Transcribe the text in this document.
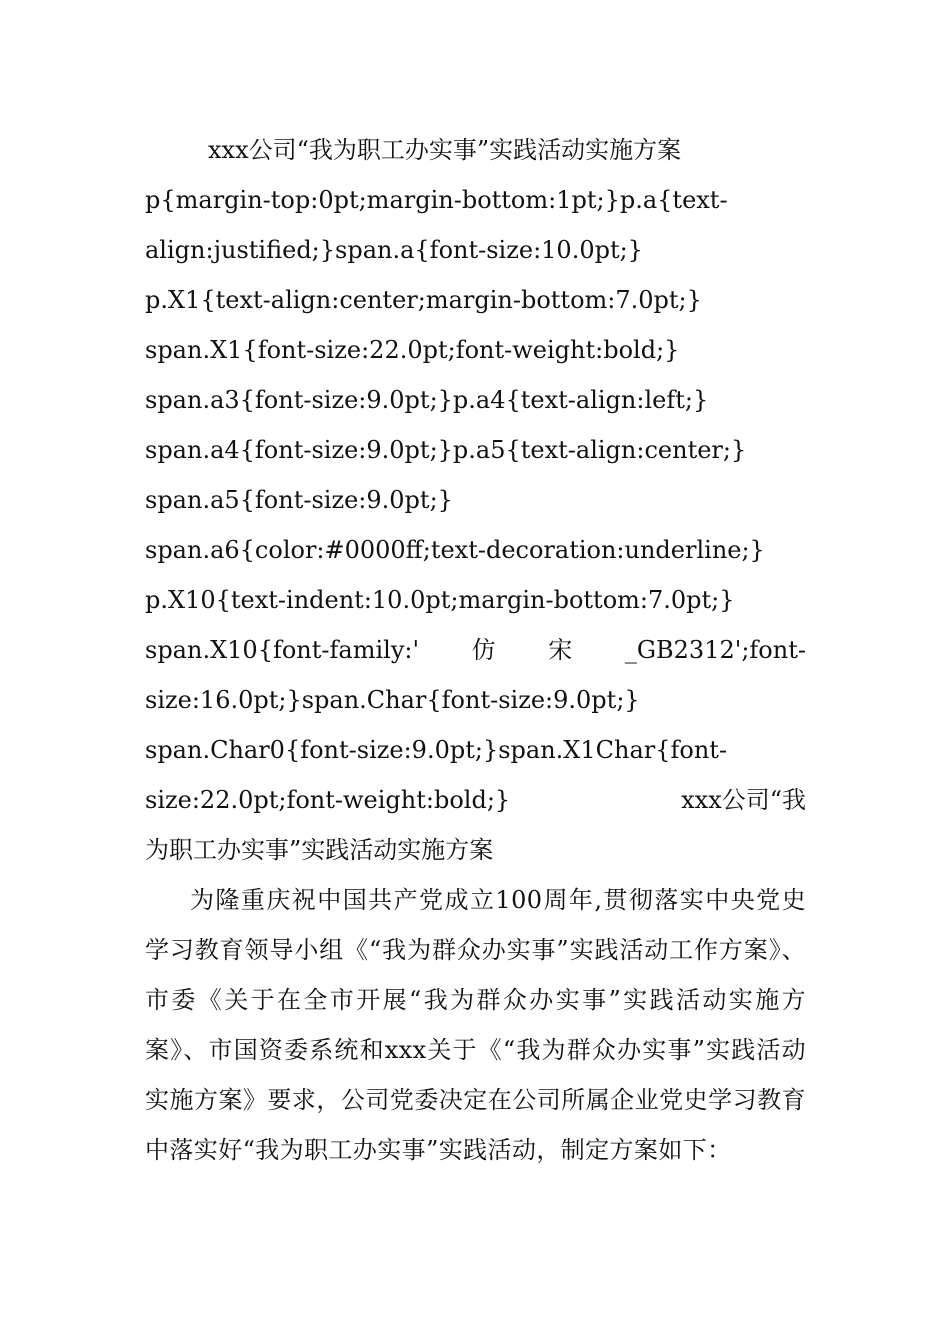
xxx公司“我为职工办实事”实践活动实施方案

p{margin-top:0pt;margin-bottom:1pt;}p.a{text-

align:justified;}span.a{font-size:10.0pt;}

p.X1{text-align:center;margin-bottom:7.0pt;}

span.X1{font-size:22.0pt;font-weight:bold;}

span.a3{font-size:9.0pt;}p.a4{text-align:left;}

span.a4{font-size:9.0pt;}p.a5{text-align:center;}

span.a5{font-size:9.0pt;}

span.a6{color:#0000ff;text-decoration:underline;}

p.X10{text-indent:10.0pt;margin-bottom:7.0pt;}

span.X10{font-family:' 仿 宋 _GB2312';font-

size:16.0pt;}span.Char{font-size:9.0pt;}

span.Char0{font-size:9.0pt;}span.X1Char{font-

size:22.0pt;font-weight:bold;}	xxx公司“我

为职工办实事”实践活动实施方案

为隆重庆祝中国共产党成立100周年,贯彻落实中央党史学习教育领导小组《“我为群众办实事”实践活动工作方案》、市委《关于在全市开展“我为群众办实事”实践活动实施方案》、市国资委系统和xxx关于《“我为群众办实事”实践活动实施方案》要求，公司党委决定在公司所属企业党史学习教育中落实好“我为职工办实事”实践活动，制定方案如下：
